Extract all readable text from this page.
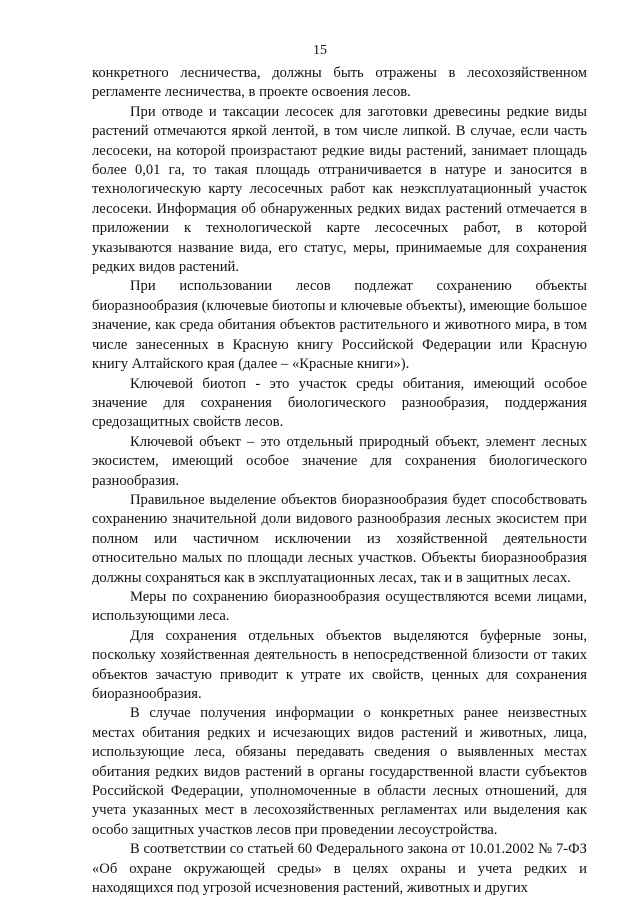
15

конкретного лесничества, должны быть отражены в лесохозяйственном регламенте лесничества, в проекте освоения лесов.

При отводе и таксации лесосек для заготовки древесины редкие виды растений отмечаются яркой лентой, в том числе липкой. В случае, если часть лесосеки, на которой произрастают редкие виды растений, занимает площадь более 0,01 га, то такая площадь отграничивается в натуре и заносится в технологическую карту лесосечных работ как неэксплуатационный участок лесосеки. Информация об обнаруженных редких видах растений отмечается в приложении к технологической карте лесосечных работ, в которой указываются название вида, его статус, меры, принимаемые для сохранения редких видов растений.

При использовании лесов подлежат сохранению объекты биоразнообразия (ключевые биотопы и ключевые объекты), имеющие большое значение, как среда обитания объектов растительного и животного мира, в том числе занесенных в Красную книгу Российской Федерации или Красную книгу Алтайского края (далее – «Красные книги»).

Ключевой биотоп - это участок среды обитания, имеющий особое значение для сохранения биологического разнообразия, поддержания средозащитных свойств лесов.

Ключевой объект – это отдельный природный объект, элемент лесных экосистем, имеющий особое значение для сохранения биологического разнообразия.

Правильное выделение объектов биоразнообразия будет способствовать сохранению значительной доли видового разнообразия лесных экосистем при полном или частичном исключении из хозяйственной деятельности относительно малых по площади лесных участков. Объекты биоразнообразия должны сохраняться как в эксплуатационных лесах, так и в защитных лесах.

Меры по сохранению биоразнообразия осуществляются всеми лицами, использующими леса.

Для сохранения отдельных объектов выделяются буферные зоны, поскольку хозяйственная деятельность в непосредственной близости от таких объектов зачастую приводит к утрате их свойств, ценных для сохранения биоразнообразия.

В случае получения информации о конкретных ранее неизвестных местах обитания редких и исчезающих видов растений и животных, лица, использующие леса, обязаны передавать сведения о выявленных местах обитания редких видов растений в органы государственной власти субъектов Российской Федерации, уполномоченные в области лесных отношений, для учета указанных мест в лесохозяйственных регламентах или выделения как особо защитных участков лесов при проведении лесоустройства.

В соответствии со статьей 60 Федерального закона от 10.01.2002 № 7-ФЗ «Об охране окружающей среды» в целях охраны и учета редких и находящихся под угрозой исчезновения растений, животных и других
